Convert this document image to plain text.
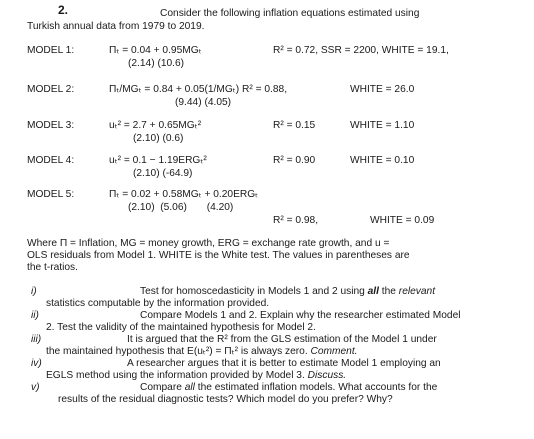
2.	Consider the following inflation equations estimated using
Turkish annual data from 1979 to 2019.
MODEL 1:	Πₜ = 0.04 + 0.95MGₜ
(2.14) (10.6)
R² = 0.72, SSR = 2200, WHITE = 19.1,
MODEL 2:	Πₜ/MGₜ = 0.84 + 0.05(1/MGₜ) R² = 0.88,
(9.44) (4.05)
WHITE = 26.0
MODEL 3:	uₜ² = 2.7 + 0.65MGₜ²
(2.10) (0.6)
R² = 0.15	WHITE = 1.10
MODEL 4:	uₜ² = 0.1 − 1.19ERGₜ²
(2.10) (-64.9)
R² = 0.90	WHITE = 0.10
MODEL 5:	Πₜ = 0.02 + 0.58MGₜ + 0.20ERGₜ
(2.10)  (5.06)       (4.20)
R² = 0.98,	WHITE = 0.09
Where Π = Inflation, MG = money growth, ERG = exchange rate growth, and u =
OLS residuals from Model 1. WHITE is the White test. The values in parentheses are
the t-ratios.
i)	Test for homoscedasticity in Models 1 and 2 using all the relevant
statistics computable by the information provided.
ii)	Compare Models 1 and 2. Explain why the researcher estimated Model
2. Test the validity of the maintained hypothesis for Model 2.
iii)	It is argued that the R² from the GLS estimation of the Model 1 under
the maintained hypothesis that E(uₜ²) = Πₜ² is always zero. Comment.
iv)	A researcher argues that it is better to estimate Model 1 employing an
EGLS method using the information provided by Model 3. Discuss.
v)	Compare all the estimated inflation models. What accounts for the
results of the residual diagnostic tests? Which model do you prefer? Why?
